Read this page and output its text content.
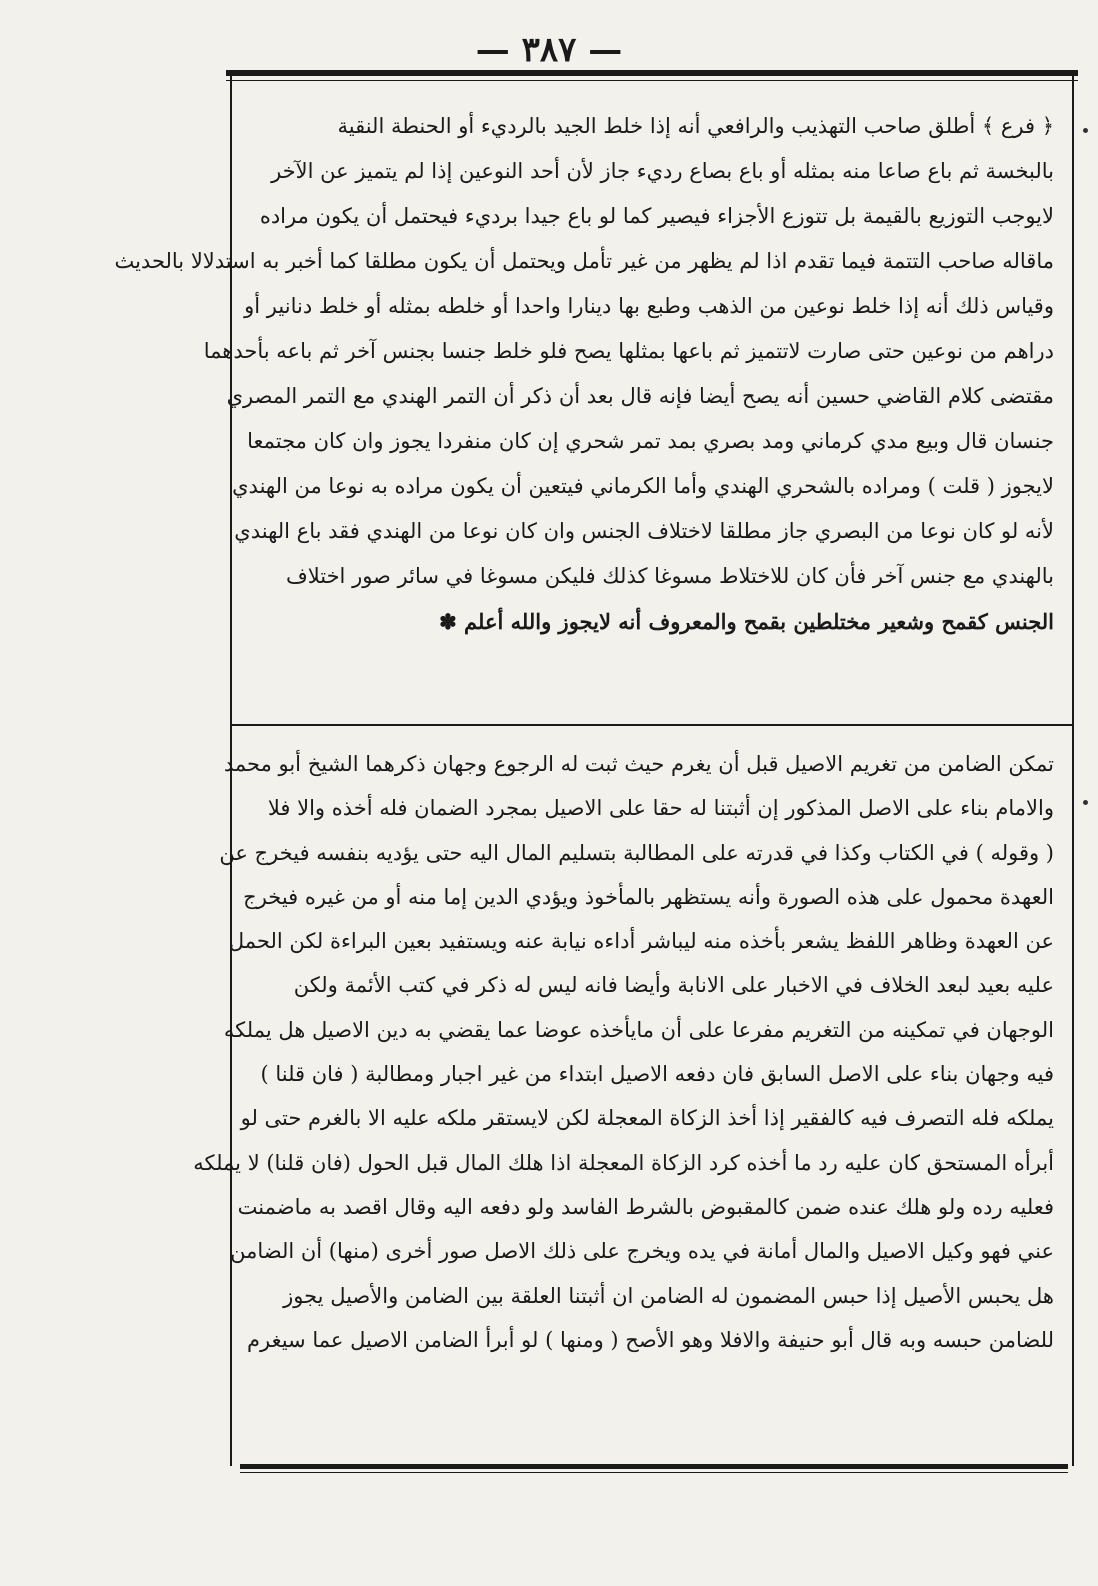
— ٣٨٧ —
﴿ فرع ﴾ أطلق صاحب التهذيب والرافعي أنه إذا خلط الجيد بالرديء أو الحنطة النقية
بالبخسة ثم باع صاعا منه بمثله أو باع بصاع رديء جاز لأن أحد النوعين إذا لم يتميز عن الآخر
لايوجب التوزيع بالقيمة بل تتوزع الأجزاء فيصير كما لو باع جيدا برديء فيحتمل أن يكون مراده
ماقاله صاحب التتمة فيما تقدم اذا لم يظهر من غير تأمل ويحتمل أن يكون مطلقا كما أخبر به استدلالا بالحديث
وقياس ذلك أنه إذا خلط نوعين من الذهب وطبع بها دينارا واحدا أو خلطه بمثله أو خلط دنانير أو
دراهم من نوعين حتى صارت لاتتميز ثم باعها بمثلها يصح فلو خلط جنسا بجنس آخر ثم باعه بأحدهما
مقتضى كلام القاضي حسين أنه يصح أيضا فإنه قال بعد أن ذكر أن التمر الهندي مع التمر المصري
جنسان قال وبيع مدي كرماني ومد بصري بمد تمر شحري إن كان منفردا يجوز وان كان مجتمعا
لايجوز ( قلت ) ومراده بالشحري الهندي وأما الكرماني فيتعين أن يكون مراده به نوعا من الهندي
لأنه لو كان نوعا من البصري جاز مطلقا لاختلاف الجنس وان كان نوعا من الهندي فقد باع الهندي
بالهندي مع جنس آخر فأن كان للاختلاط مسوغا كذلك فليكن مسوغا في سائر صور اختلاف
الجنس كقمح وشعير مختلطين بقمح والمعروف أنه لايجوز والله أعلم ✽
تمكن الضامن من تغريم الاصيل قبل أن يغرم حيث ثبت له الرجوع وجهان ذكرهما الشيخ أبو محمد
والامام بناء على الاصل المذكور إن أثبتنا له حقا على الاصيل بمجرد الضمان فله أخذه والا فلا
( وقوله ) في الكتاب وكذا في قدرته على المطالبة بتسليم المال اليه حتى يؤديه بنفسه فيخرج عن
العهدة محمول على هذه الصورة وأنه يستظهر بالمأخوذ ويؤدي الدين إما منه أو من غيره فيخرج
عن العهدة وظاهر اللفظ يشعر بأخذه منه ليباشر أداءه نيابة عنه ويستفيد بعين البراءة لكن الحمل
عليه بعيد لبعد الخلاف في الاخبار على الانابة وأيضا فانه ليس له ذكر في كتب الأئمة ولكن
الوجهان في تمكينه من التغريم مفرعا على أن مايأخذه عوضا عما يقضي به دين الاصيل هل يملكه
فيه وجهان بناء على الاصل السابق فان دفعه الاصيل ابتداء من غير اجبار ومطالبة ( فان قلنا )
يملكه فله التصرف فيه كالفقير إذا أخذ الزكاة المعجلة لكن لايستقر ملكه عليه الا بالغرم حتى لو
أبرأه المستحق كان عليه رد ما أخذه كرد الزكاة المعجلة اذا هلك المال قبل الحول (فان قلنا) لا يملكه
فعليه رده ولو هلك عنده ضمن كالمقبوض بالشرط الفاسد ولو دفعه اليه وقال اقصد به ماضمنت
عني فهو وكيل الاصيل والمال أمانة في يده ويخرج على ذلك الاصل صور أخرى (منها) أن الضامن
هل يحبس الأصيل إذا حبس المضمون له الضامن ان أثبتنا العلقة بين الضامن والأصيل يجوز
للضامن حبسه وبه قال أبو حنيفة والافلا وهو الأصح ( ومنها ) لو أبرأ الضامن الاصيل عما سيغرم
